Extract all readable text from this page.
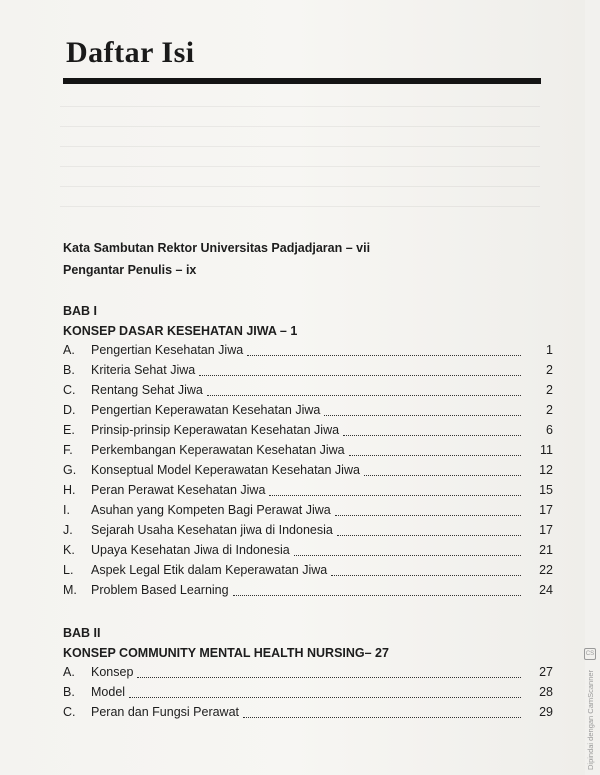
Daftar Isi
Kata Sambutan Rektor Universitas Padjadjaran – vii
Pengantar Penulis – ix
BAB I
KONSEP DASAR KESEHATAN JIWA – 1
A.	Pengertian Kesehatan Jiwa	1
B.	Kriteria Sehat Jiwa	2
C.	Rentang Sehat Jiwa	2
D.	Pengertian Keperawatan Kesehatan Jiwa	2
E.	Prinsip-prinsip Keperawatan Kesehatan Jiwa	6
F.	Perkembangan Keperawatan Kesehatan Jiwa	11
G.	Konseptual Model Keperawatan Kesehatan Jiwa	12
H.	Peran Perawat Kesehatan Jiwa	15
I.	Asuhan yang Kompeten Bagi Perawat Jiwa	17
J.	Sejarah Usaha Kesehatan jiwa di Indonesia	17
K.	Upaya Kesehatan Jiwa di Indonesia	21
L.	Aspek Legal Etik dalam Keperawatan Jiwa	22
M.	Problem Based Learning	24
BAB II
KONSEP COMMUNITY MENTAL HEALTH NURSING– 27
A.	Konsep	27
B.	Model	28
C.	Peran dan Fungsi Perawat	29
CS
Dipindai dengan CamScanner
